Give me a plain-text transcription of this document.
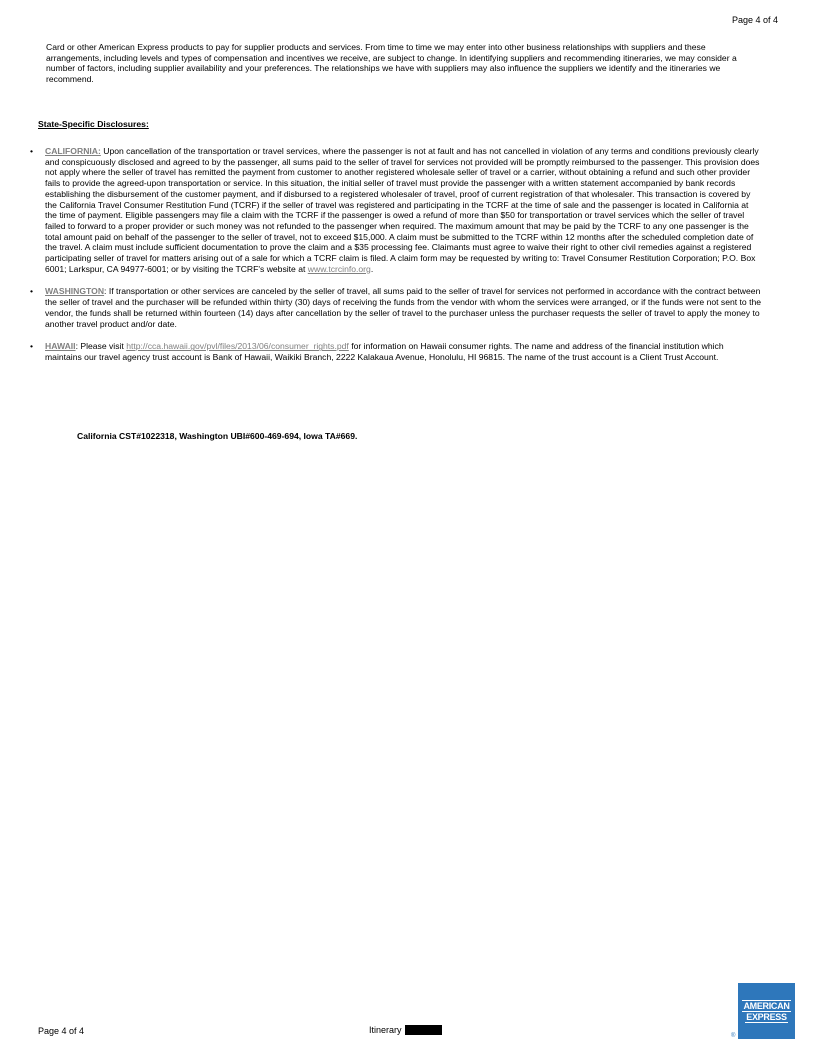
Page 4 of 4

Card or other American Express products to pay for supplier products and services. From time to time we may enter into other business relationships with suppliers and these arrangements, including levels and types of compensation and incentives we receive, are subject to change. In identifying suppliers and recommending itineraries, we may consider a number of factors, including supplier availability and your preferences. The relationships we have with suppliers may also influence the suppliers we identify and the itineraries we recommend.

State-Specific Disclosures:

• CALIFORNIA: Upon cancellation of the transportation or travel services, where the passenger is not at fault and has not cancelled in violation of any terms and conditions previously clearly and conspicuously disclosed and agreed to by the passenger, all sums paid to the seller of travel for services not provided will be promptly reimbursed to the passenger. This provision does not apply where the seller of travel has remitted the payment from customer to another registered wholesale seller of travel or a carrier, without obtaining a refund and such other provider fails to provide the agreed-upon transportation or service. In this situation, the initial seller of travel must provide the passenger with a written statement accompanied by bank records establishing the disbursement of the customer payment, and if disbursed to a registered wholesaler of travel, proof of current registration of that wholesaler. This transaction is covered by the California Travel Consumer Restitution Fund (TCRF) if the seller of travel was registered and participating in the TCRF at the time of sale and the passenger is located in California at the time of payment. Eligible passengers may file a claim with the TCRF if the passenger is owed a refund of more than $50 for transportation or travel services which the seller of travel failed to forward to a proper provider or such money was not refunded to the passenger when required. The maximum amount that may be paid by the TCRF to any one passenger is the total amount paid on behalf of the passenger to the seller of travel, not to exceed $15,000. A claim must be submitted to the TCRF within 12 months after the scheduled completion date of the travel. A claim must include sufficient documentation to prove the claim and a $35 processing fee. Claimants must agree to waive their right to other civil remedies against a registered participating seller of travel for matters arising out of a sale for which a TCRF claim is filed. A claim form may be requested by writing to: Travel Consumer Restitution Corporation; P.O. Box 6001; Larkspur, CA 94977-6001; or by visiting the TCRF's website at www.tcrcinfo.org.
• WASHINGTON: If transportation or other services are canceled by the seller of travel, all sums paid to the seller of travel for services not performed in accordance with the contract between the seller of travel and the purchaser will be refunded within thirty (30) days of receiving the funds from the vendor with whom the services were arranged, or if the funds were not sent to the vendor, the funds shall be returned within fourteen (14) days after cancellation by the seller of travel to the purchaser unless the purchaser requests the seller of travel to apply the money to another travel product and/or date.
• HAWAII: Please visit http://cca.hawaii.gov/pvl/files/2013/06/consumer_rights.pdf for information on Hawaii consumer rights. The name and address of the financial institution which maintains our travel agency trust account is Bank of Hawaii, Waikiki Branch, 2222 Kalakaua Avenue, Honolulu, HI 96815. The name of the trust account is a Client Trust Account.

California CST#1022318, Washington UBI#600-469-694, Iowa TA#669.

Page 4 of 4	Itinerary
AMERICAN
EXPRESS
®
